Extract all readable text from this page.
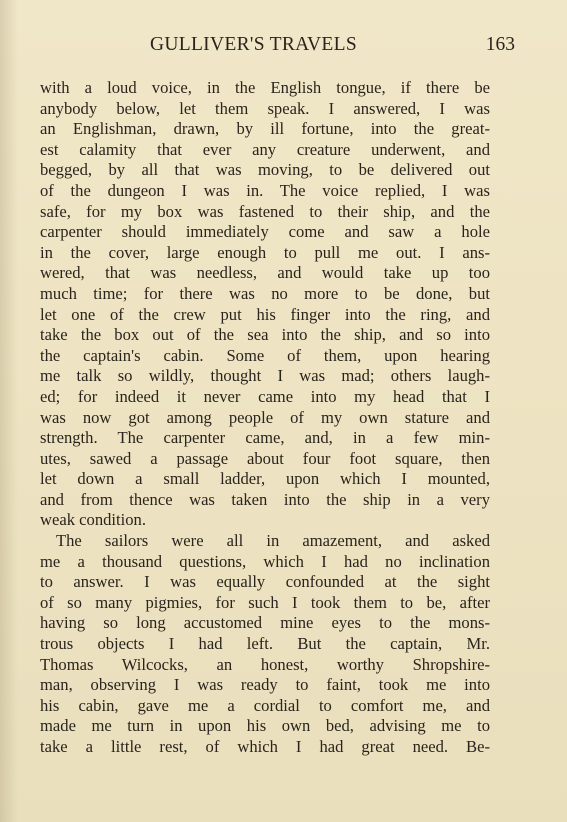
GULLIVER'S TRAVELS	163
with a loud voice, in the English tongue, if there be
anybody below, let them speak. I answered, I was
an Englishman, drawn, by ill fortune, into the great-
est calamity that ever any creature underwent, and
begged, by all that was moving, to be delivered out
of the dungeon I was in. The voice replied, I was
safe, for my box was fastened to their ship, and the
carpenter should immediately come and saw a hole
in the cover, large enough to pull me out. I ans-
wered, that was needless, and would take up too
much time; for there was no more to be done, but
let one of the crew put his finger into the ring, and
take the box out of the sea into the ship, and so into
the captain's cabin. Some of them, upon hearing
me talk so wildly, thought I was mad; others laugh-
ed; for indeed it never came into my head that I
was now got among people of my own stature and
strength. The carpenter came, and, in a few min-
utes, sawed a passage about four foot square, then
let down a small ladder, upon which I mounted,
and from thence was taken into the ship in a very
weak condition.
The sailors were all in amazement, and asked
me a thousand questions, which I had no inclination
to answer. I was equally confounded at the sight
of so many pigmies, for such I took them to be, after
having so long accustomed mine eyes to the mons-
trous objects I had left. But the captain, Mr.
Thomas Wilcocks, an honest, worthy Shropshire-
man, observing I was ready to faint, took me into
his cabin, gave me a cordial to comfort me, and
made me turn in upon his own bed, advising me to
take a little rest, of which I had great need. Be-
